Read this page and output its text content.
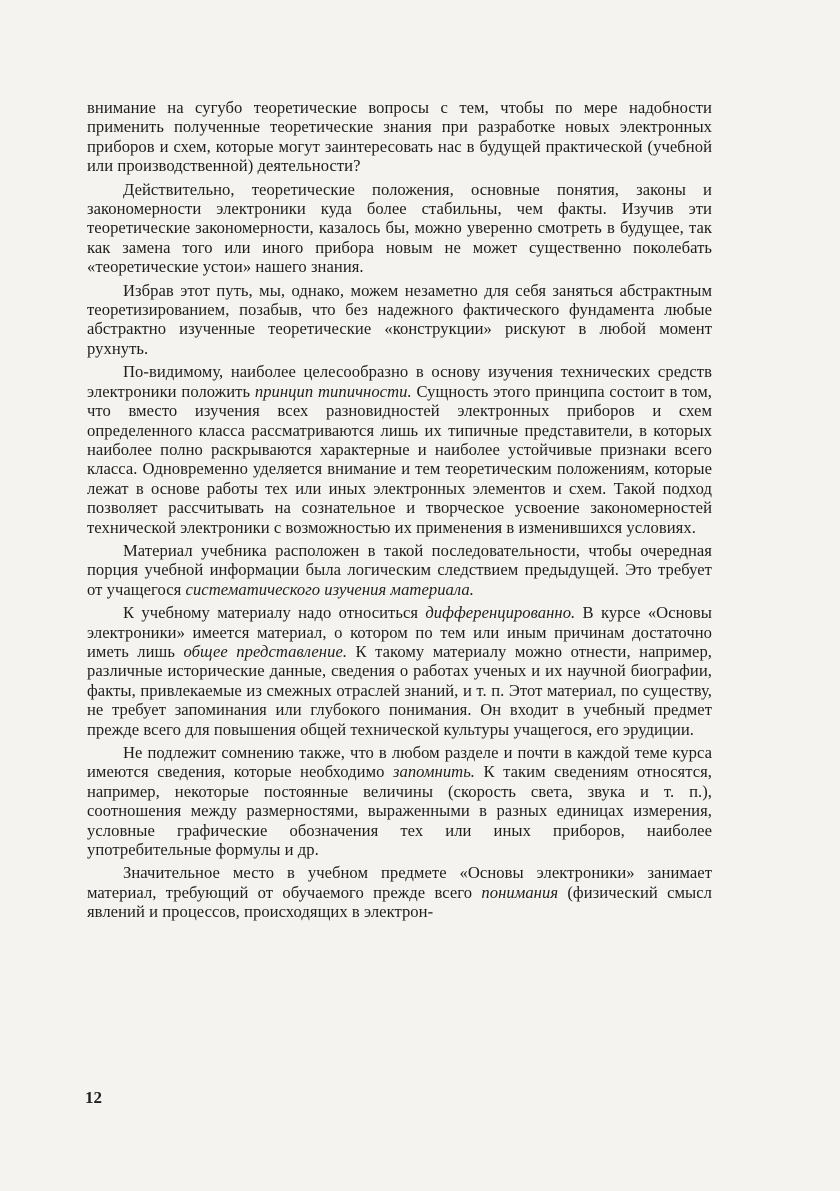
внимание на сугубо теоретические вопросы с тем, чтобы по мере надобности применить полученные теоретические знания при разработке новых электронных приборов и схем, которые могут заинтересовать нас в будущей практической (учебной или производственной) деятельности?

Действительно, теоретические положения, основные понятия, законы и закономерности электроники куда более стабильны, чем факты. Изучив эти теоретические закономерности, казалось бы, можно уверенно смотреть в будущее, так как замена того или иного прибора новым не может существенно поколебать «теоретические устои» нашего знания.

Избрав этот путь, мы, однако, можем незаметно для себя заняться абстрактным теоретизированием, позабыв, что без надежного фактического фундамента любые абстрактно изученные теоретические «конструкции» рискуют в любой момент рухнуть.

По-видимому, наиболее целесообразно в основу изучения технических средств электроники положить принцип типичности. Сущность этого принципа состоит в том, что вместо изучения всех разновидностей электронных приборов и схем определенного класса рассматриваются лишь их типичные представители, в которых наиболее полно раскрываются характерные и наиболее устойчивые признаки всего класса. Одновременно уделяется внимание и тем теоретическим положениям, которые лежат в основе работы тех или иных электронных элементов и схем. Такой подход позволяет рассчитывать на сознательное и творческое усвоение закономерностей технической электроники с возможностью их применения в изменившихся условиях.

Материал учебника расположен в такой последовательности, чтобы очередная порция учебной информации была логическим следствием предыдущей. Это требует от учащегося систематического изучения материала.

К учебному материалу надо относиться дифференцированно. В курсе «Основы электроники» имеется материал, о котором по тем или иным причинам достаточно иметь лишь общее представление. К такому материалу можно отнести, например, различные исторические данные, сведения о работах ученых и их научной биографии, факты, привлекаемые из смежных отраслей знаний, и т. п. Этот материал, по существу, не требует запоминания или глубокого понимания. Он входит в учебный предмет прежде всего для повышения общей технической культуры учащегося, его эрудиции.

Не подлежит сомнению также, что в любом разделе и почти в каждой теме курса имеются сведения, которые необходимо запомнить. К таким сведениям относятся, например, некоторые постоянные величины (скорость света, звука и т. п.), соотношения между размерностями, выраженными в разных единицах измерения, условные графические обозначения тех или иных приборов, наиболее употребительные формулы и др.

Значительное место в учебном предмете «Основы электроники» занимает материал, требующий от обучаемого прежде всего понимания (физический смысл явлений и процессов, происходящих в электрон-

12
